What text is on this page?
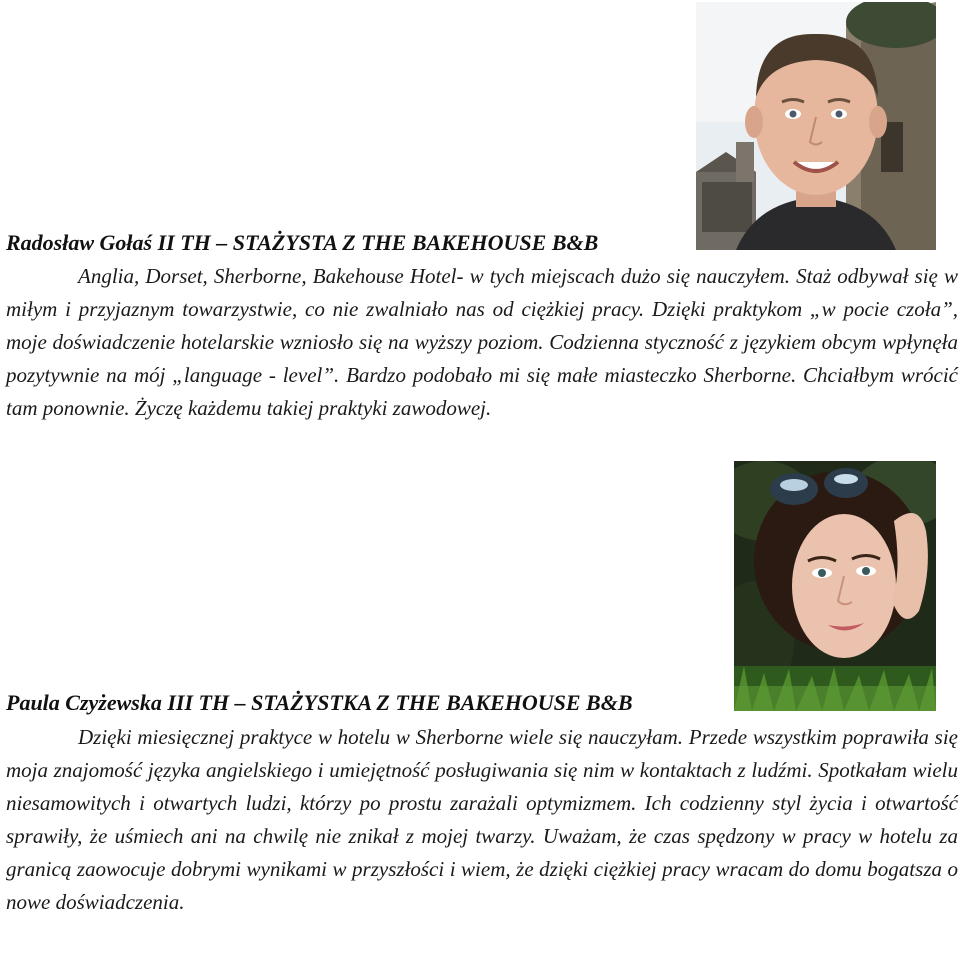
Radosław Gołaś II TH – STAŻYSTA Z THE BAKEHOUSE B&B

Anglia, Dorset, Sherborne, Bakehouse Hotel- w tych miejscach dużo się nauczyłem. Staż odbywał się w miłym i przyjaznym towarzystwie, co nie zwalniało nas od ciężkiej pracy. Dzięki praktykom „w pocie czoła”, moje doświadczenie hotelarskie wzniosło się na wyższy poziom. Codzienna styczność z językiem obcym wpłynęła pozytywnie na mój „language - level”. Bardzo podobało mi się małe miasteczko Sherborne. Chciałbym wrócić tam ponownie. Życzę każdemu takiej praktyki zawodowej.

Paula Czyżewska III TH – STAŻYSTKA Z THE BAKEHOUSE B&B

Dzięki miesięcznej praktyce w hotelu w Sherborne wiele się nauczyłam. Przede wszystkim poprawiła się moja znajomość języka angielskiego i umiejętność posługiwania się nim w kontaktach z ludźmi. Spotkałam wielu niesamowitych i otwartych ludzi, którzy po prostu zarażali optymizmem. Ich codzienny styl życia i otwartość sprawiły, że uśmiech ani na chwilę nie znikał z mojej twarzy. Uważam, że czas spędzony w pracy w hotelu za granicą zaowocuje dobrymi wynikami w przyszłości i wiem, że dzięki ciężkiej pracy wracam do domu bogatsza o nowe doświadczenia.
